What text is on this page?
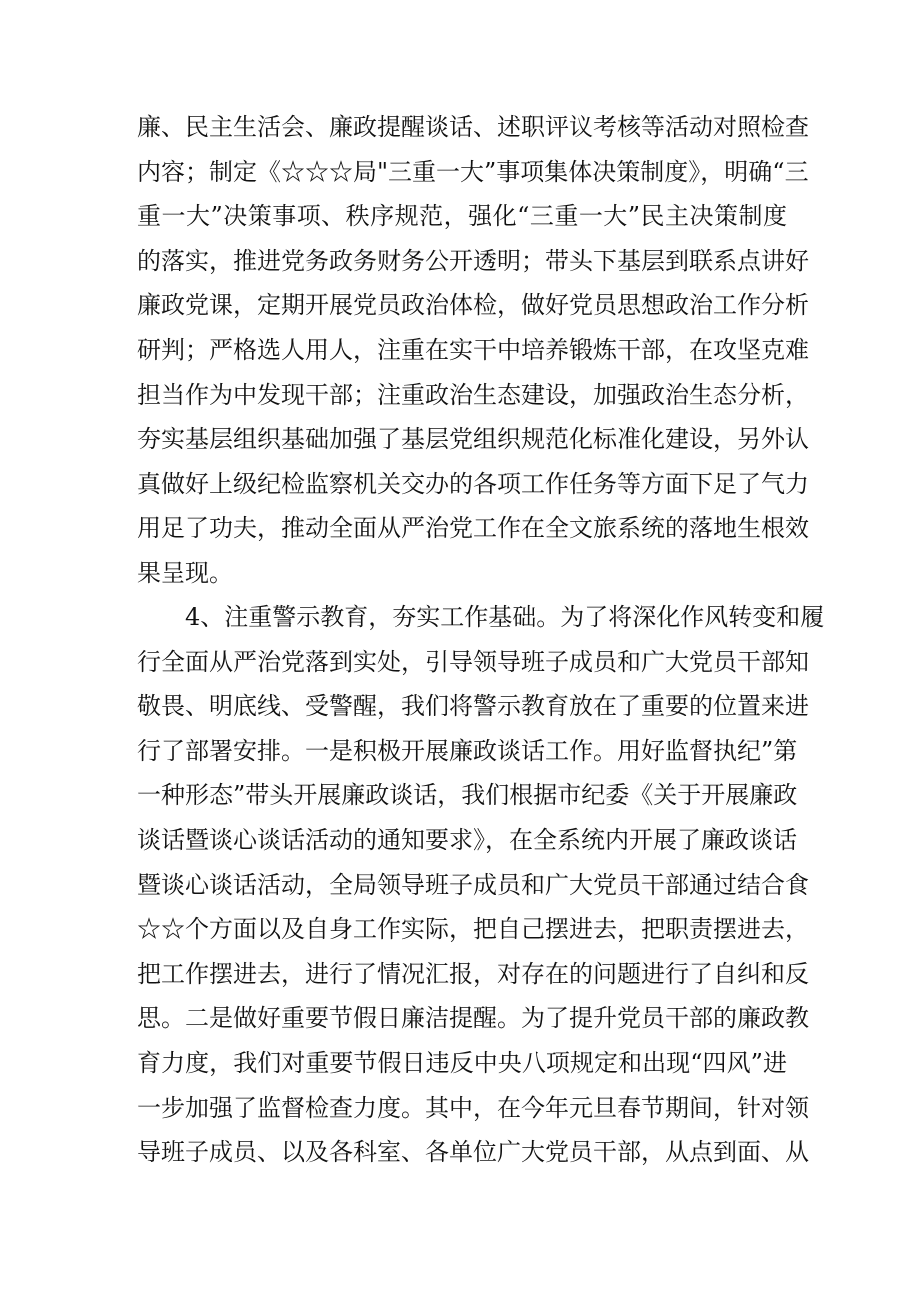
廉、民主生活会、廉政提醒谈话、述职评议考核等活动对照检查
内容；制定《☆☆☆局"三重一大”事项集体决策制度》，明确“三
重一大”决策事项、秩序规范，强化“三重一大”民主决策制度
的落实，推进党务政务财务公开透明；带头下基层到联系点讲好
廉政党课，定期开展党员政治体检，做好党员思想政治工作分析
研判；严格选人用人，注重在实干中培养锻炼干部，在攻坚克难
担当作为中发现干部；注重政治生态建设，加强政治生态分析，
夯实基层组织基础加强了基层党组织规范化标准化建设，另外认
真做好上级纪检监察机关交办的各项工作任务等方面下足了气力
用足了功夫，推动全面从严治党工作在全文旅系统的落地生根效
果呈现。
4、注重警示教育，夯实工作基础。为了将深化作风转变和履
行全面从严治党落到实处，引导领导班子成员和广大党员干部知
敬畏、明底线、受警醒，我们将警示教育放在了重要的位置来进
行了部署安排。一是积极开展廉政谈话工作。用好监督执纪”第
一种形态”带头开展廉政谈话，我们根据市纪委《关于开展廉政
谈话暨谈心谈话活动的通知要求》，在全系统内开展了廉政谈话
暨谈心谈话活动，全局领导班子成员和广大党员干部通过结合食
☆☆个方面以及自身工作实际，把自己摆进去，把职责摆进去，
把工作摆进去，进行了情况汇报，对存在的问题进行了自纠和反
思。二是做好重要节假日廉洁提醒。为了提升党员干部的廉政教
育力度，我们对重要节假日违反中央八项规定和出现“四风”进
一步加强了监督检查力度。其中，在今年元旦春节期间，针对领
导班子成员、以及各科室、各单位广大党员干部，从点到面、从
